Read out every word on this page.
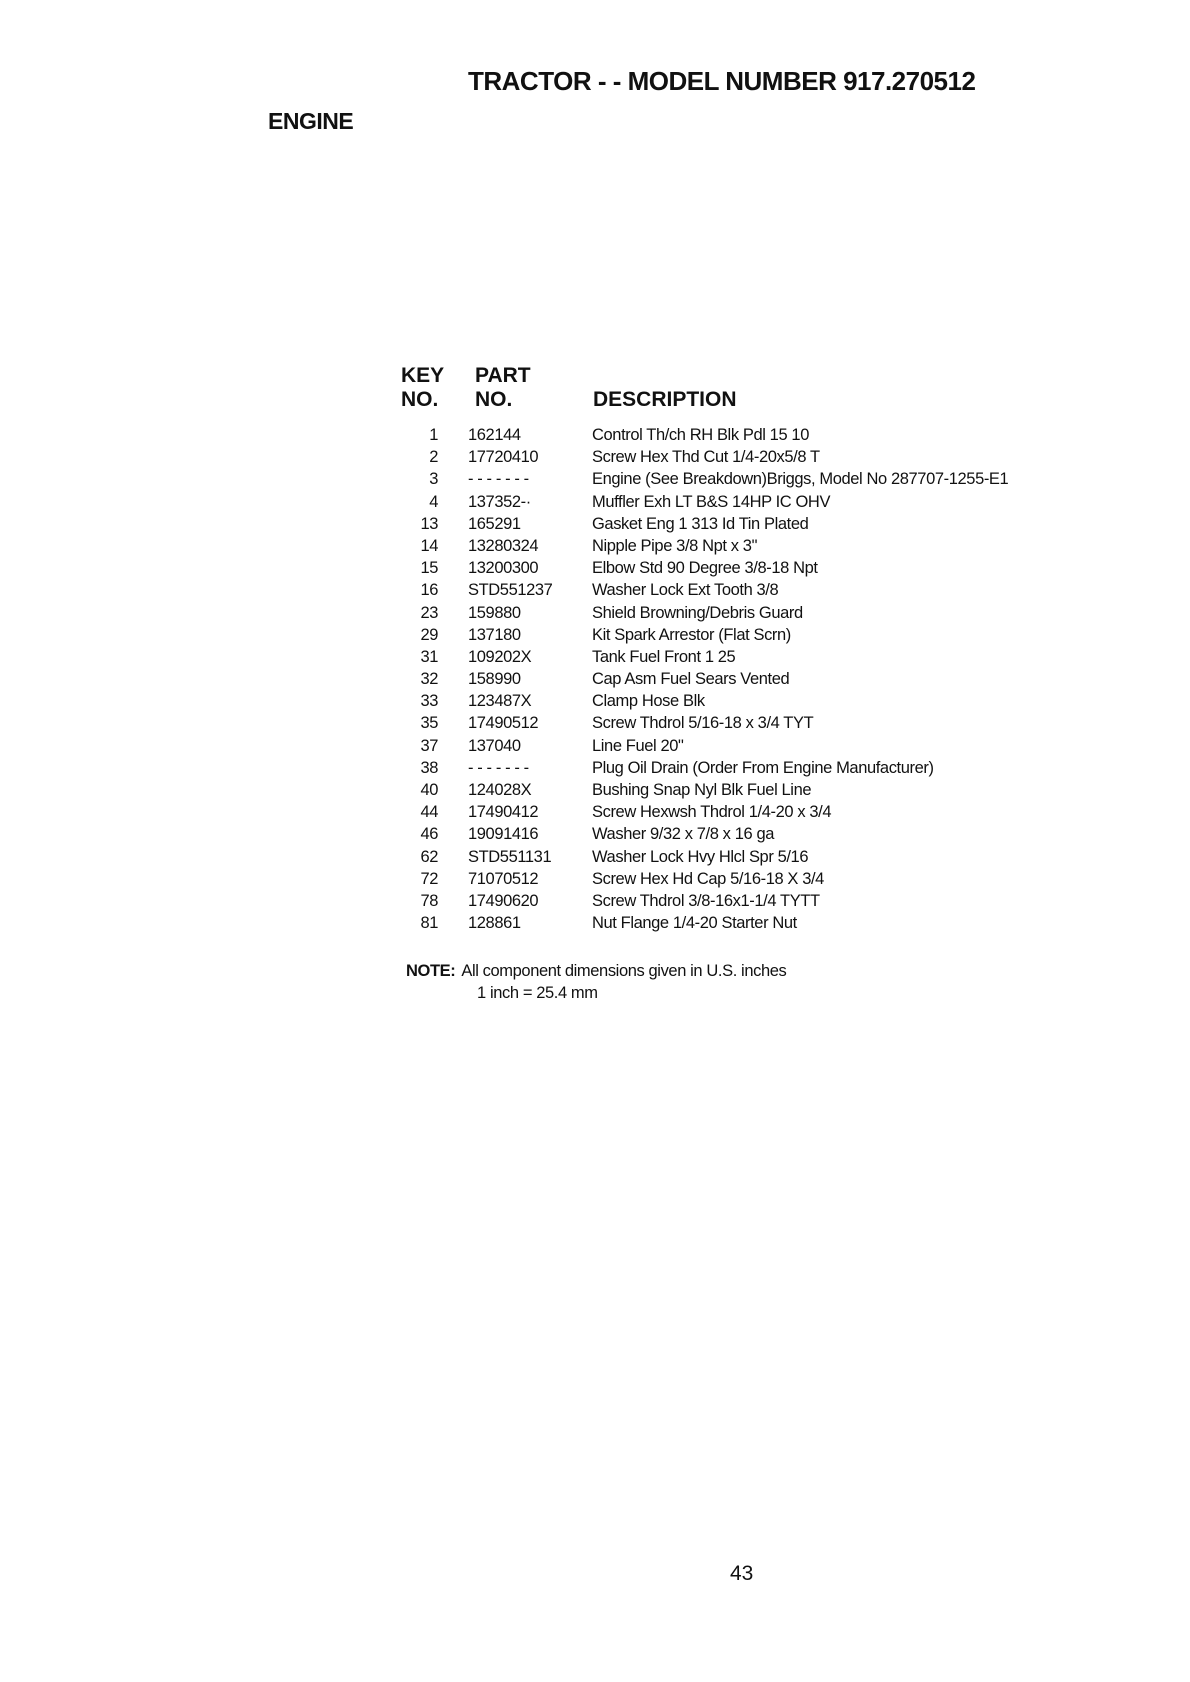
TRACTOR - - MODEL NUMBER 917.270512
ENGINE
KEY
NO.
PART
NO.	DESCRIPTION
1 162144	Control Th/ch RH Blk Pdl 15 10
2 17720410	Screw Hex Thd Cut 1/4-20x5/8 T
3 - - - - - - -	Engine (See Breakdown)Briggs, Model No 287707-1255-E1
4 137352-·	Muffler Exh LT B&S 14HP IC OHV
13 165291	Gasket Eng 1 313 Id Tin Plated
14 13280324	Nipple Pipe 3/8 Npt x 3"
15 13200300	Elbow Std 90 Degree 3/8-18 Npt
16 STD551237 Washer Lock Ext Tooth 3/8
23 159880	Shield Browning/Debris Guard
29 137180	Kit Spark Arrestor (Flat Scrn)
31 109202X	Tank Fuel Front 1 25
32 158990	Cap Asm Fuel Sears Vented
33 123487X	Clamp Hose Blk
35 17490512	Screw Thdrol 5/16-18 x 3/4 TYT
37 137040	Line Fuel 20"
38 - - - - - - -	Plug Oil Drain (Order From Engine Manufacturer)
40 124028X	Bushing Snap Nyl Blk Fuel Line
44 17490412	Screw Hexwsh Thdrol 1/4-20 x 3/4
46 19091416	Washer 9/32 x 7/8 x 16 ga
62 STD551131 Washer Lock Hvy Hlcl Spr 5/16
72 71070512	Screw Hex Hd Cap 5/16-18 X 3/4
78 17490620	Screw Thdrol 3/8-16x1-1/4 TYTT
81 128861	Nut Flange 1/4-20 Starter Nut
NOTE: All component dimensions given in U.S. inches
1 inch = 25.4 mm
43
